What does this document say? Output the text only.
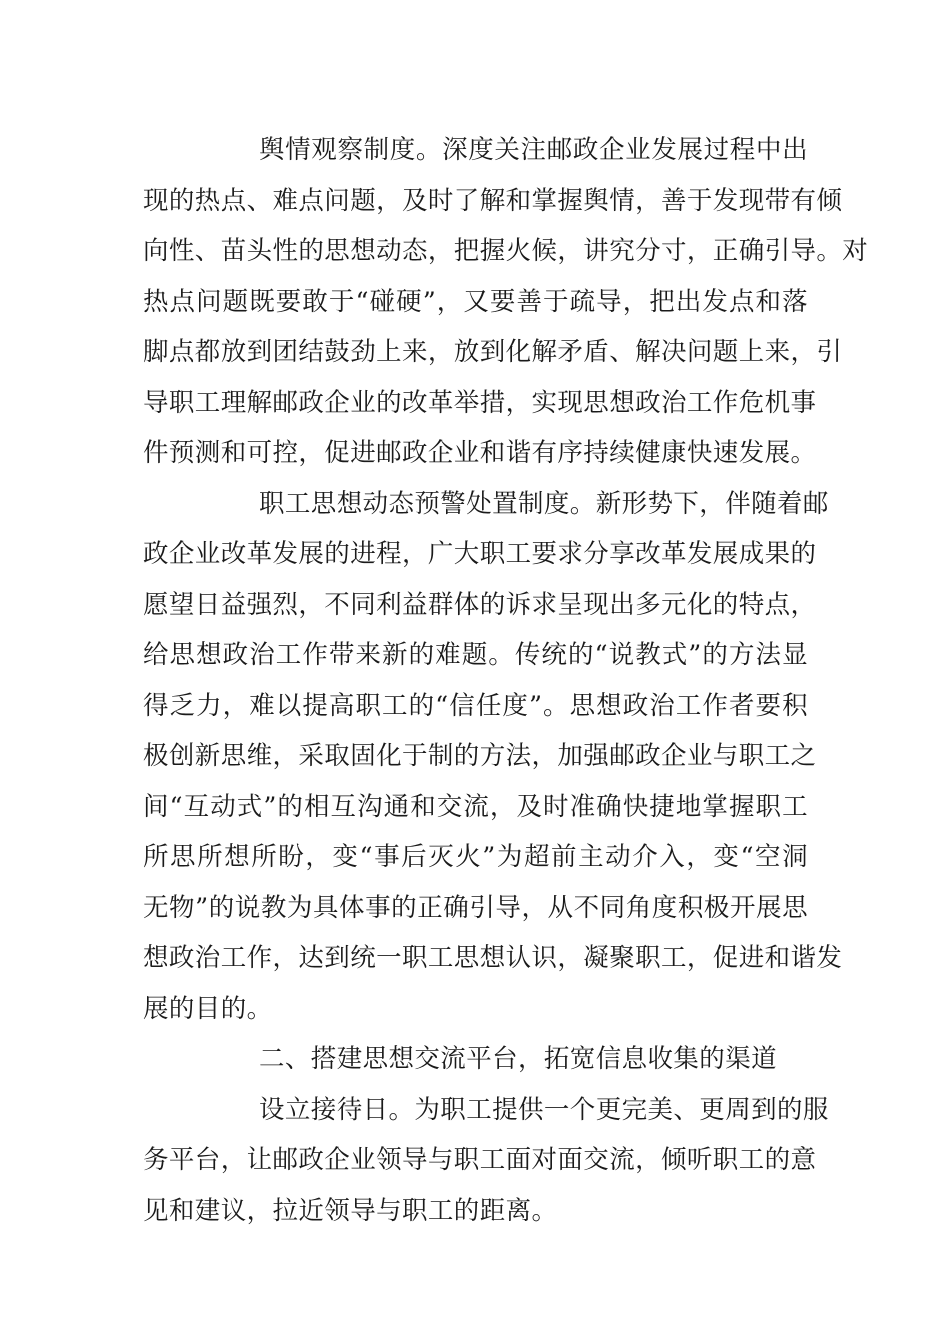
舆情观察制度。深度关注邮政企业发展过程中出
现的热点、难点问题，及时了解和掌握舆情，善于发现带有倾
向性、苗头性的思想动态，把握火候，讲究分寸，正确引导。对
热点问题既要敢于“碰硬”，又要善于疏导，把出发点和落
脚点都放到团结鼓劲上来，放到化解矛盾、解决问题上来，引
导职工理解邮政企业的改革举措，实现思想政治工作危机事
件预测和可控，促进邮政企业和谐有序持续健康快速发展。
职工思想动态预警处置制度。新形势下，伴随着邮
政企业改革发展的进程，广大职工要求分享改革发展成果的
愿望日益强烈，不同利益群体的诉求呈现出多元化的特点，
给思想政治工作带来新的难题。传统的“说教式”的方法显
得乏力，难以提高职工的“信任度”。思想政治工作者要积
极创新思维，采取固化于制的方法，加强邮政企业与职工之
间“互动式”的相互沟通和交流，及时准确快捷地掌握职工
所思所想所盼，变“事后灭火”为超前主动介入，变“空洞
无物”的说教为具体事的正确引导，从不同角度积极开展思
想政治工作，达到统一职工思想认识，凝聚职工，促进和谐发
展的目的。
二、搭建思想交流平台，拓宽信息收集的渠道
设立接待日。为职工提供一个更完美、更周到的服
务平台，让邮政企业领导与职工面对面交流，倾听职工的意
见和建议，拉近领导与职工的距离。
